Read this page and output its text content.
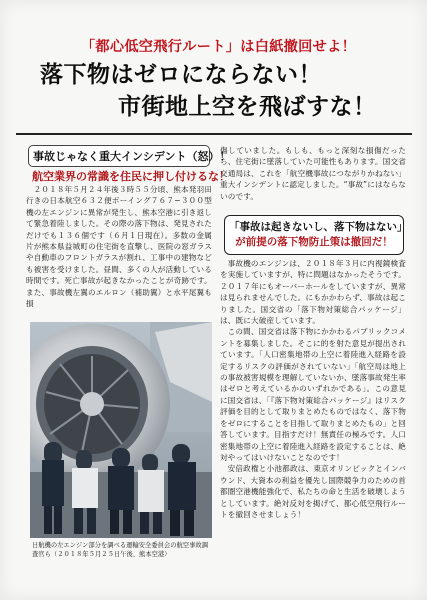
「都心低空飛行ルート」は白紙撤回せよ！
落下物はゼロにならない！
市街地上空を飛ばすな！
事故じゃなく重大インシデント（怒）！
航空業界の常識を住民に押し付けるな！

２０１８年５月２４年後３時５５分頃、熊本発羽田行きの日本航空６３２便ボーイング７６７−３００型機の左エンジンに異常が発生し、熊本空港に引き返して緊急着陸しました。その際の落下物は、発見されただけでも１３６個です（６月１日現在）。多数の金属片が熊本県益城町の住宅街を直撃し、医院の窓ガラスや自動車のフロントガラスが割れ、工事中の建物なども被害を受けました。昼間、多くの人が活動している時間です。死亡事故が起きなかったことが奇跡です。また、事故機左翼のエルロン（補助翼）と水平尾翼も損

傷していました。もしも、もっと深刻な損傷だったら、住宅街に墜落していた可能性もあります。国交省交通局は、これを「航空機事故につながりかねない」重大インシデントに認定しました。“事故”にはならないのです。

「事故は起きないし、落下物はない」
が前提の落下物防止策は撤回だ！

事故機のエンジンは、２０１８年３月に内視鏡検査を実施していますが、特に問題はなかったそうです。２０１７年にもオーバーホールをしていますが、異常は見られませんでした。にもかかわらず、事故は起こりました。国交省の「落下物対策総合パッケージ」は、既に大破産しています。

この間、国交省は落下物にかかわるパブリックコメントを募集しました。そこに的を射た意見が提出されています。「人口密集地帯の上空に着陸進入経路を設定するリスクの評価がされていない」「航空局は地上の事故被害規模を理解していないか、墜落事故発生率はゼロと考えているかのいずれかである」。この意見に国交省は、「『落下物対策総合パッケージ』はリスク評価を目的として取りまとめたものではなく、落下物をゼロにすることを目指して取りまとめたもの」と回答しています。目指すだけ！無責任の極みです。人口密集地帯の上空に着陸進入経路を設定することは、絶対やってはいけないことなのです！

安倍政権と小池都政は、東京オリンピックとインバウンド、大資本の利益を優先し国際競争力のための首都圏空港機能強化で、私たちの命と生活を破壊しようとしています。絶対反対を掲げて、都心低空飛行ルートを撤回させましょう！

日航機の左エンジン部分を調べる運輸安全委員会の航空事故調査官ら（２０１８年５月２５日午後、熊本空港）
